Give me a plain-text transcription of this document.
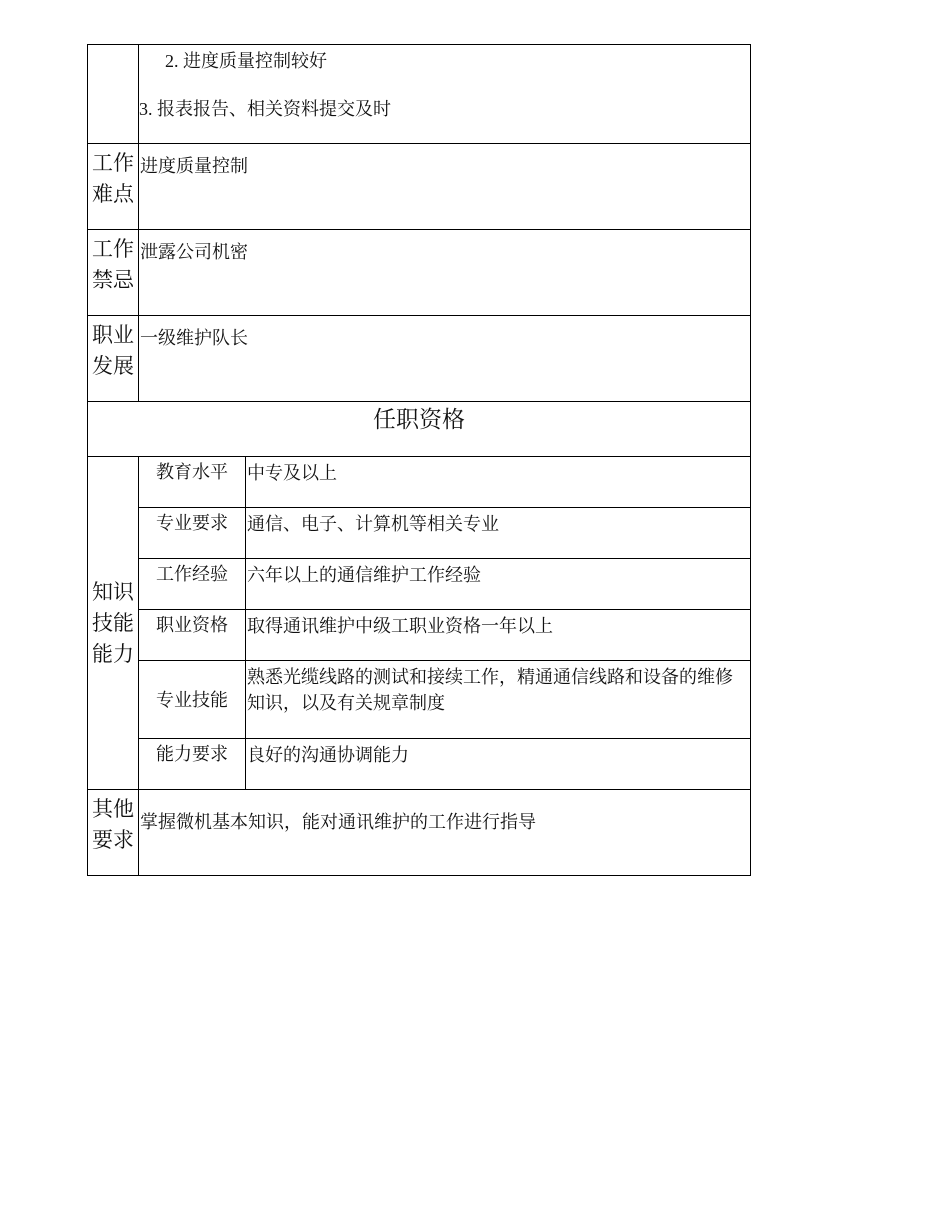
	2. 进度质量控制较好
3. 报表报告、相关资料提交及时	

工作难点	进度质量控制	

工作禁忌	泄露公司机密	

职业发展	一级维护队长	

任职资格		

知识技能能力	教育水平	中专及以上

	专业要求	通信、电子、计算机等相关专业

	工作经验	六年以上的通信维护工作经验

	职业资格	取得通讯维护中级工职业资格一年以上

	专业技能	熟悉光缆线路的测试和接续工作，精通通信线路和设备的维修知识，以及有关规章制度

	能力要求	良好的沟通协调能力

其他要求	掌握微机基本知识，能对通讯维护的工作进行指导	
